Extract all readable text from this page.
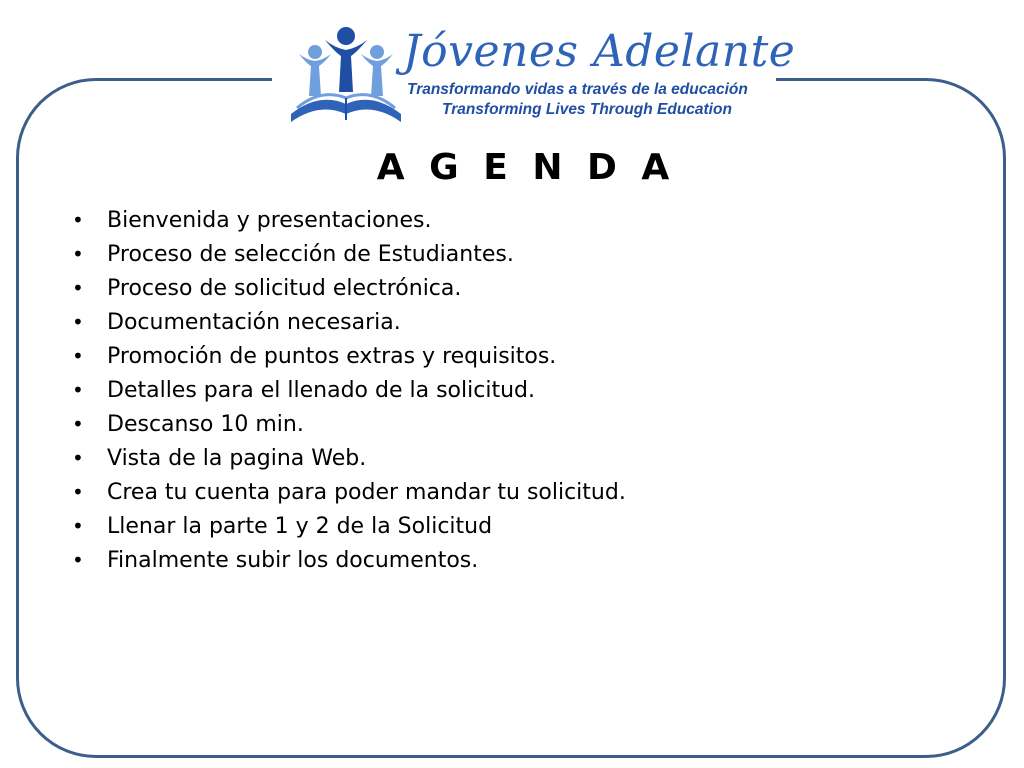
Jóvenes Adelante
Transformando vidas a través de la educación
Transforming Lives Through Education
A G E N D A
• Bienvenida y presentaciones.
• Proceso de selección de Estudiantes.
• Proceso de solicitud electrónica.
• Documentación necesaria.
• Promoción de puntos extras y requisitos.
• Detalles para el llenado de la solicitud.
• Descanso 10 min.
• Vista de la pagina Web.
• Crea tu cuenta para poder mandar tu solicitud.
• Llenar la parte 1 y 2 de la Solicitud
• Finalmente subir los documentos.
